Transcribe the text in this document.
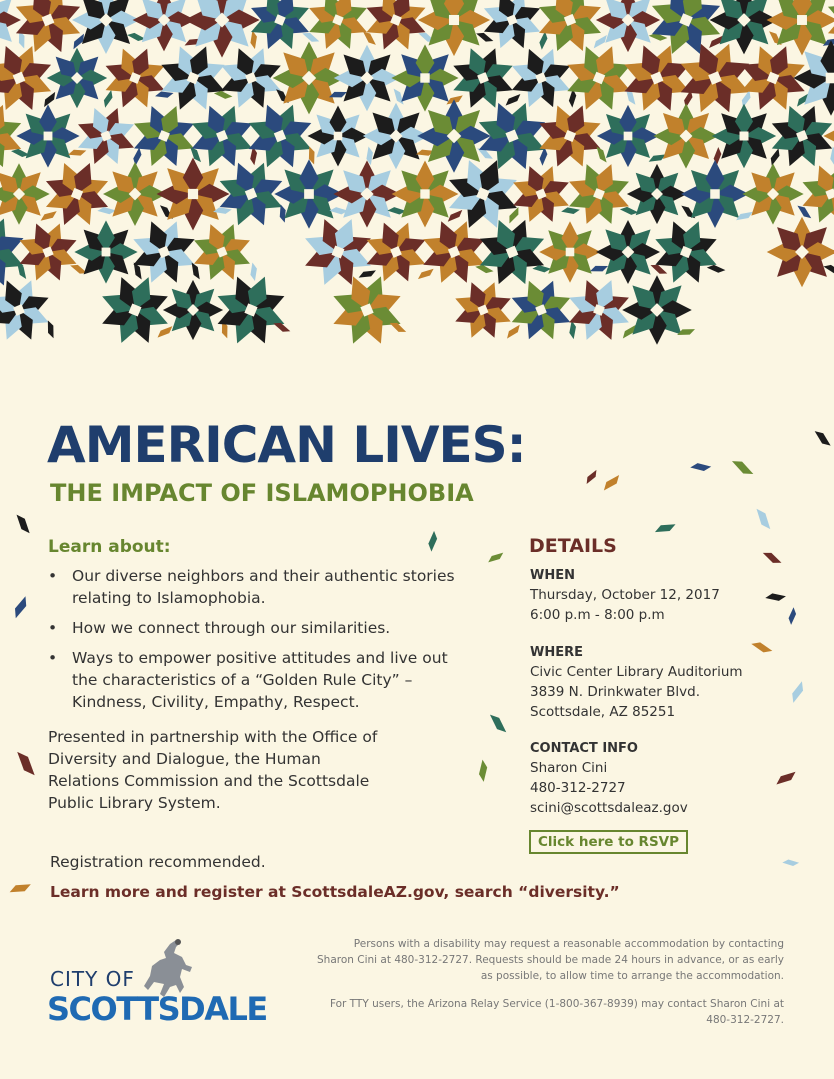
AMERICAN LIVES:
THE IMPACT OF ISLAMOPHOBIA
Learn about:
• Our diverse neighbors and their authentic stories relating to Islamophobia.
• How we connect through our similarities.
• Ways to empower positive attitudes and live out the characteristics of a “Golden Rule City” – Kindness, Civility, Empathy, Respect.

Presented in partnership with the Office of Diversity and Dialogue, the Human Relations Commission and the Scottsdale Public Library System.

Registration recommended.

Learn more and register at ScottsdaleAZ.gov, search “diversity.”

DETAILS

WHEN

Thursday, October 12, 2017

6:00 p.m - 8:00 p.m

WHERE

Civic Center Library Auditorium

3839 N. Drinkwater Blvd.

Scottsdale, AZ 85251

CONTACT INFO

Sharon Cini

480-312-2727

scini@scottsdaleaz.gov

Click here to RSVP

Persons with a disability may request a reasonable accommodation by contacting Sharon Cini at 480-312-2727. Requests should be made 24 hours in advance, or as early as possible, to allow time to arrange the accommodation.

For TTY users, the Arizona Relay Service (1-800-367-8939) may contact Sharon Cini at 480-312-2727.

CITY OF

SCOTTSDALE
